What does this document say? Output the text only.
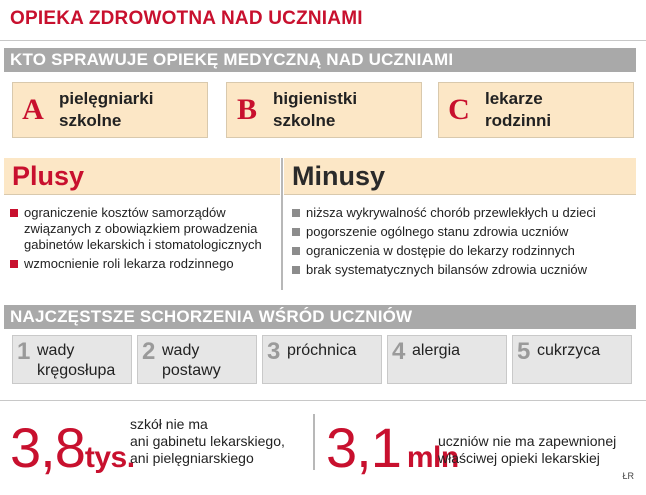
OPIEKA ZDROWOTNA NAD UCZNIAMI
KTO SPRAWUJE OPIEKĘ MEDYCZNĄ NAD UCZNIAMI
A pielęgniarki
szkolne	B higienistki
szkolne	C lekarze
rodzinni
Plusy	Minusy
ograniczenie kosztów samorządów
związanych z obowiązkiem prowadzenia
gabinetów lekarskich i stomatologicznych
wzmocnienie roli lekarza rodzinnego
niższa wykrywalność chorób przewlekłych u dzieci
pogorszenie ogólnego stanu zdrowia uczniów
ograniczenia w dostępie do lekarzy rodzinnych
brak systematycznych bilansów zdrowia uczniów
NAJCZĘSTSZE SCHORZENIA WŚRÓD UCZNIÓW
1 wady
kręgosłupa
2 wady
postawy
3 próchnica 4 alergia 5 cukrzyca
3,8tys.
szkół nie ma
ani gabinetu lekarskiego,
ani pielęgniarskiego	3,1 mln
uczniów nie ma zapewnionej
właściwej opieki lekarskiej
ŁR
